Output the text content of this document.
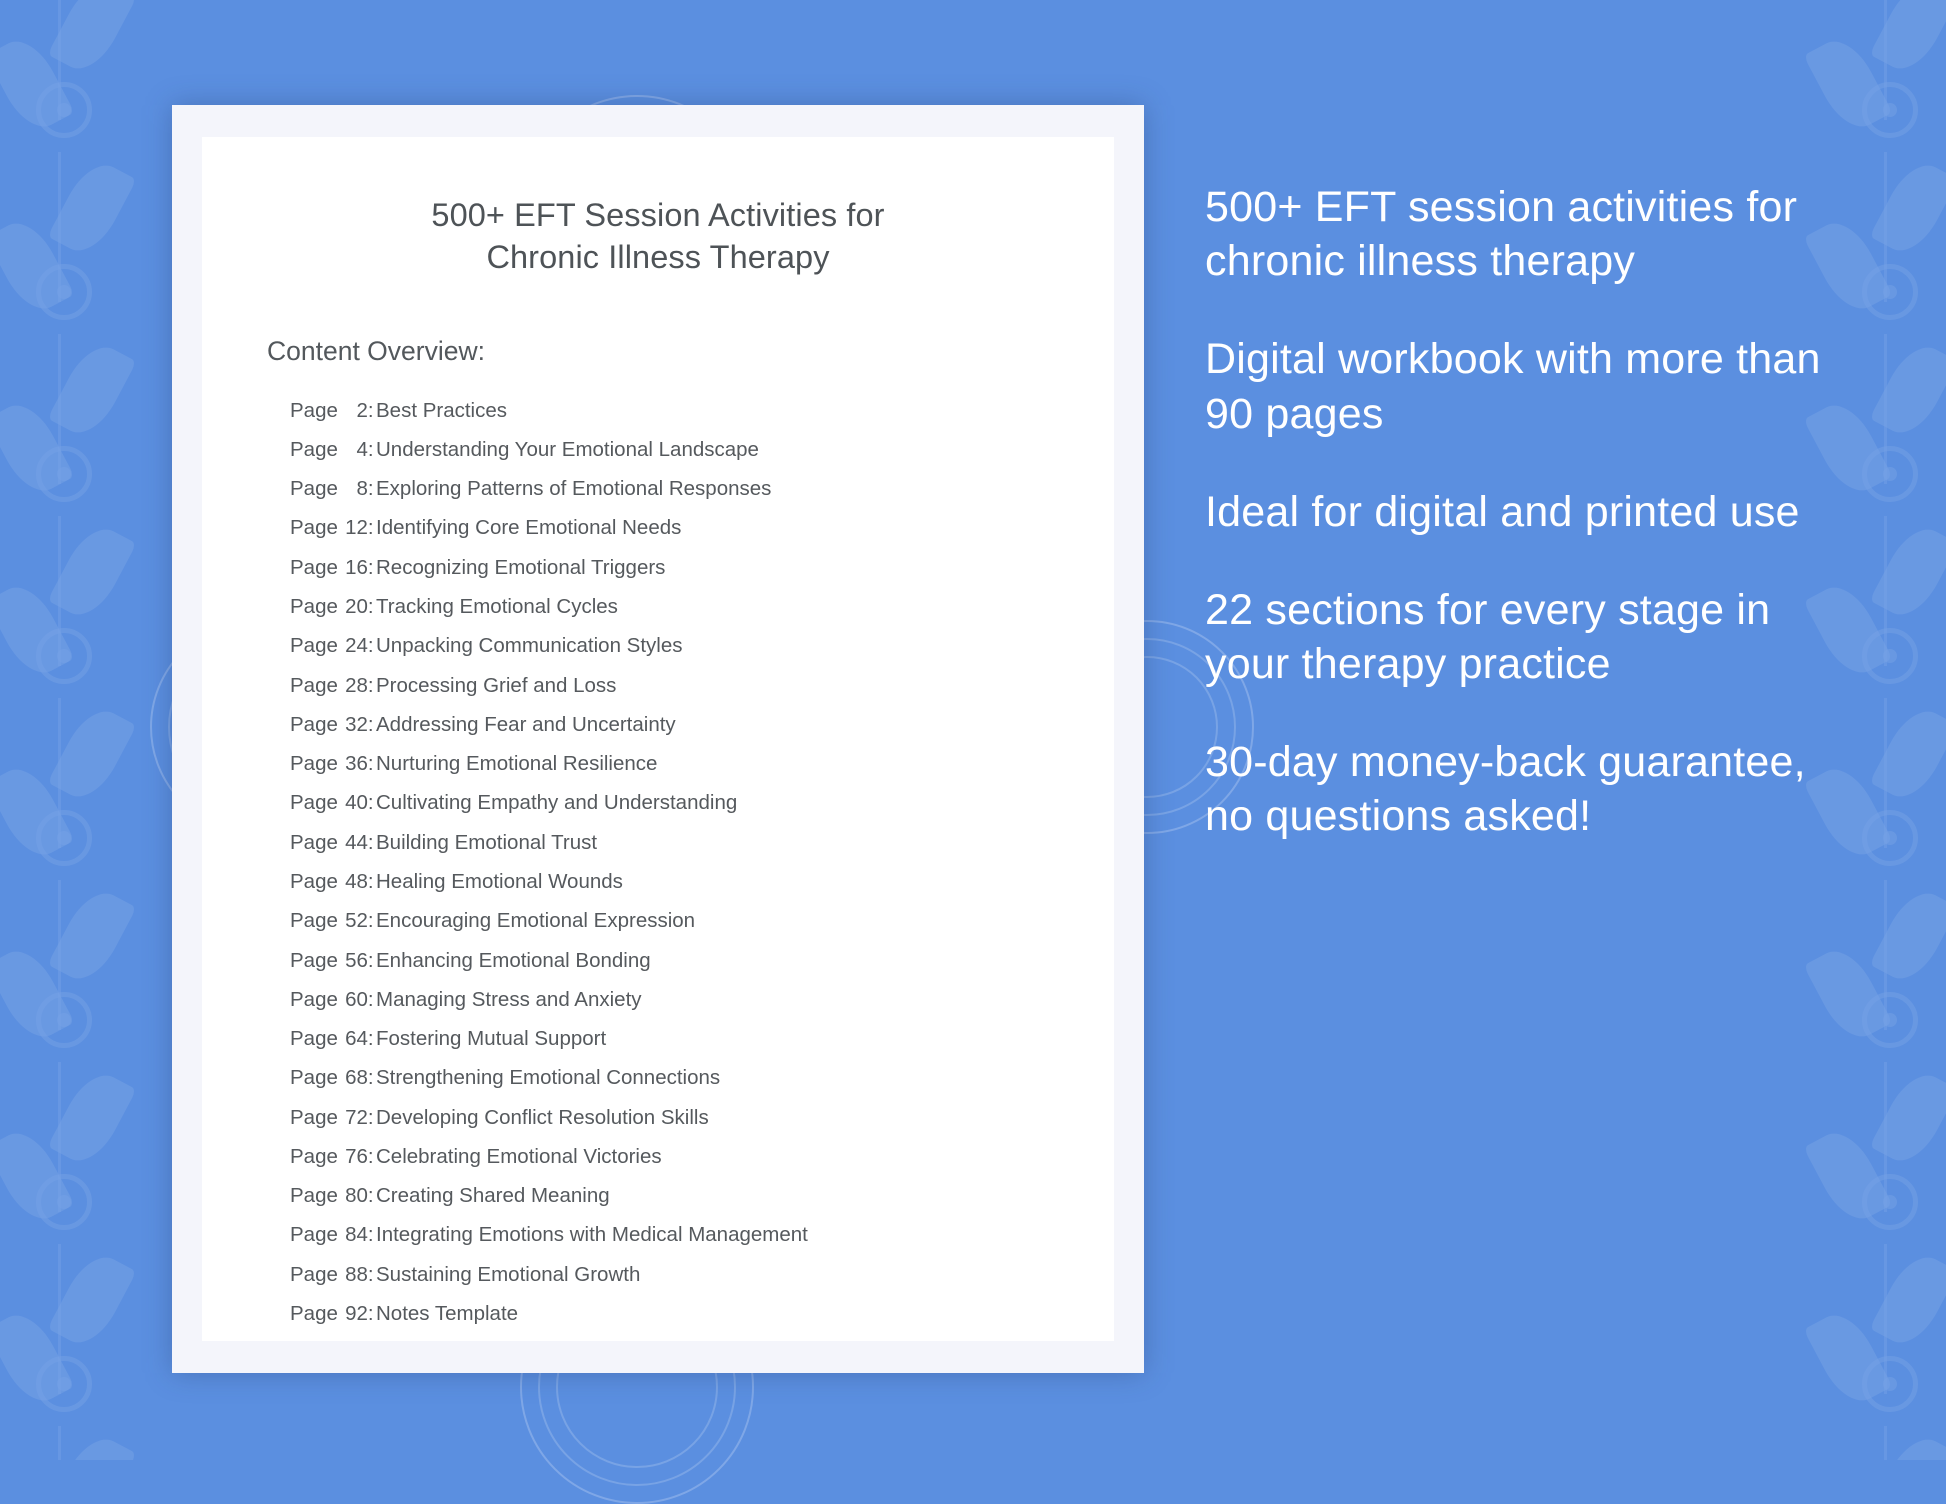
500+ EFT Session Activities for
Chronic Illness Therapy
Content Overview:
Page 2: Best Practices
Page 4: Understanding Your Emotional Landscape
Page 8: Exploring Patterns of Emotional Responses
Page 12: Identifying Core Emotional Needs
Page 16: Recognizing Emotional Triggers
Page 20: Tracking Emotional Cycles
Page 24: Unpacking Communication Styles
Page 28: Processing Grief and Loss
Page 32: Addressing Fear and Uncertainty
Page 36: Nurturing Emotional Resilience
Page 40: Cultivating Empathy and Understanding
Page 44: Building Emotional Trust
Page 48: Healing Emotional Wounds
Page 52: Encouraging Emotional Expression
Page 56: Enhancing Emotional Bonding
Page 60: Managing Stress and Anxiety
Page 64: Fostering Mutual Support
Page 68: Strengthening Emotional Connections
Page 72: Developing Conflict Resolution Skills
Page 76: Celebrating Emotional Victories
Page 80: Creating Shared Meaning
Page 84: Integrating Emotions with Medical Management
Page 88: Sustaining Emotional Growth
Page 92: Notes Template

500+ EFT session activities for chronic illness therapy

Digital workbook with more than 90 pages

Ideal for digital and printed use

22 sections for every stage in your therapy practice

30-day money-back guarantee, no questions asked!
